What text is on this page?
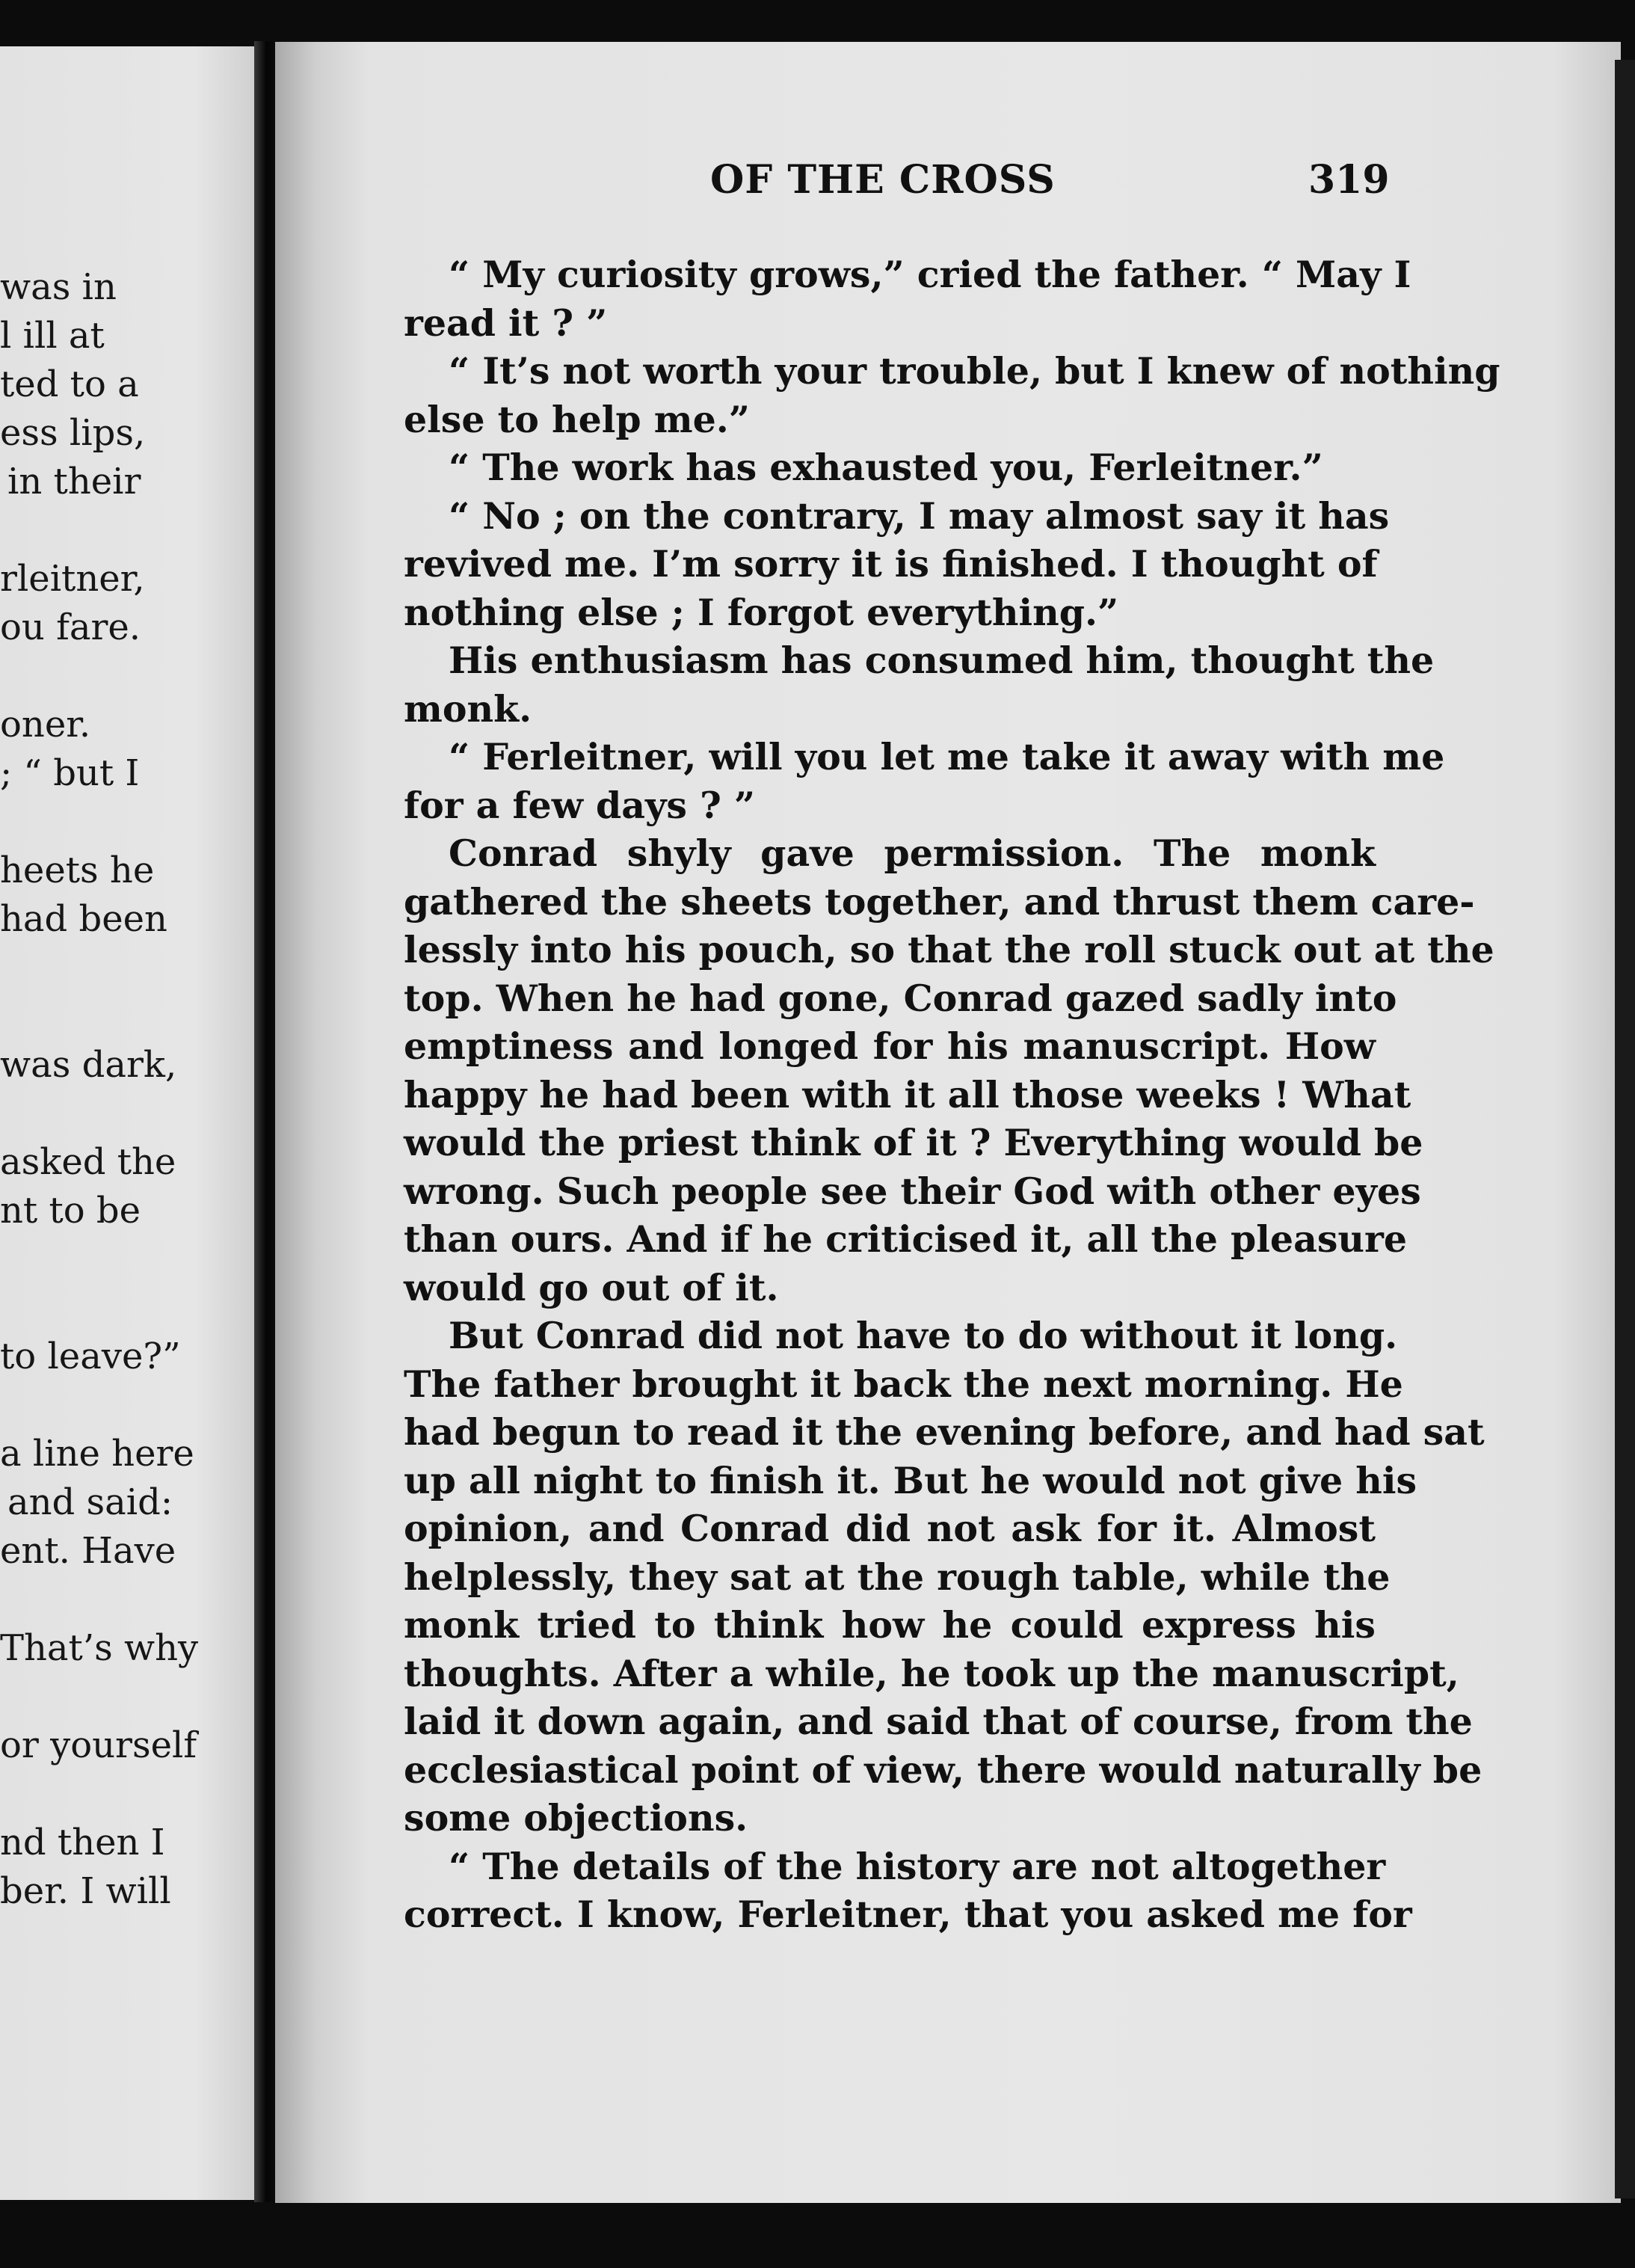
was in
l ill at
ted to a
ess lips,
in their
rleitner,
ou fare.
oner.
; “ but I
heets he
had been
was dark,
asked the
nt to be
to leave?”
a line here
and said:
ent. Have
That’s why
or yourself
nd then I
ber. I will
OF THE CROSS	319
“ My curiosity grows,” cried the father. “ May I
read it ? ”
“ It’s not worth your trouble, but I knew of nothing
else to help me.”
“ The work has exhausted you, Ferleitner.”
“ No ; on the contrary, I may almost say it has
revived me. I’m sorry it is finished. I thought of
nothing else ; I forgot everything.”
His enthusiasm has consumed him, thought the
monk.
“ Ferleitner, will you let me take it away with me
for a few days ? ”
Conrad shyly gave permission. The monk
gathered the sheets together, and thrust them care-
lessly into his pouch, so that the roll stuck out at the
top. When he had gone, Conrad gazed sadly into
emptiness and longed for his manuscript. How
happy he had been with it all those weeks ! What
would the priest think of it ? Everything would be
wrong. Such people see their God with other eyes
than ours. And if he criticised it, all the pleasure
would go out of it.
But Conrad did not have to do without it long.
The father brought it back the next morning. He
had begun to read it the evening before, and had sat
up all night to finish it. But he would not give his
opinion, and Conrad did not ask for it. Almost
helplessly, they sat at the rough table, while the
monk tried to think how he could express his
thoughts. After a while, he took up the manuscript,
laid it down again, and said that of course, from the
ecclesiastical point of view, there would naturally be
some objections.
“ The details of the history are not altogether
correct. I know, Ferleitner, that you asked me for
